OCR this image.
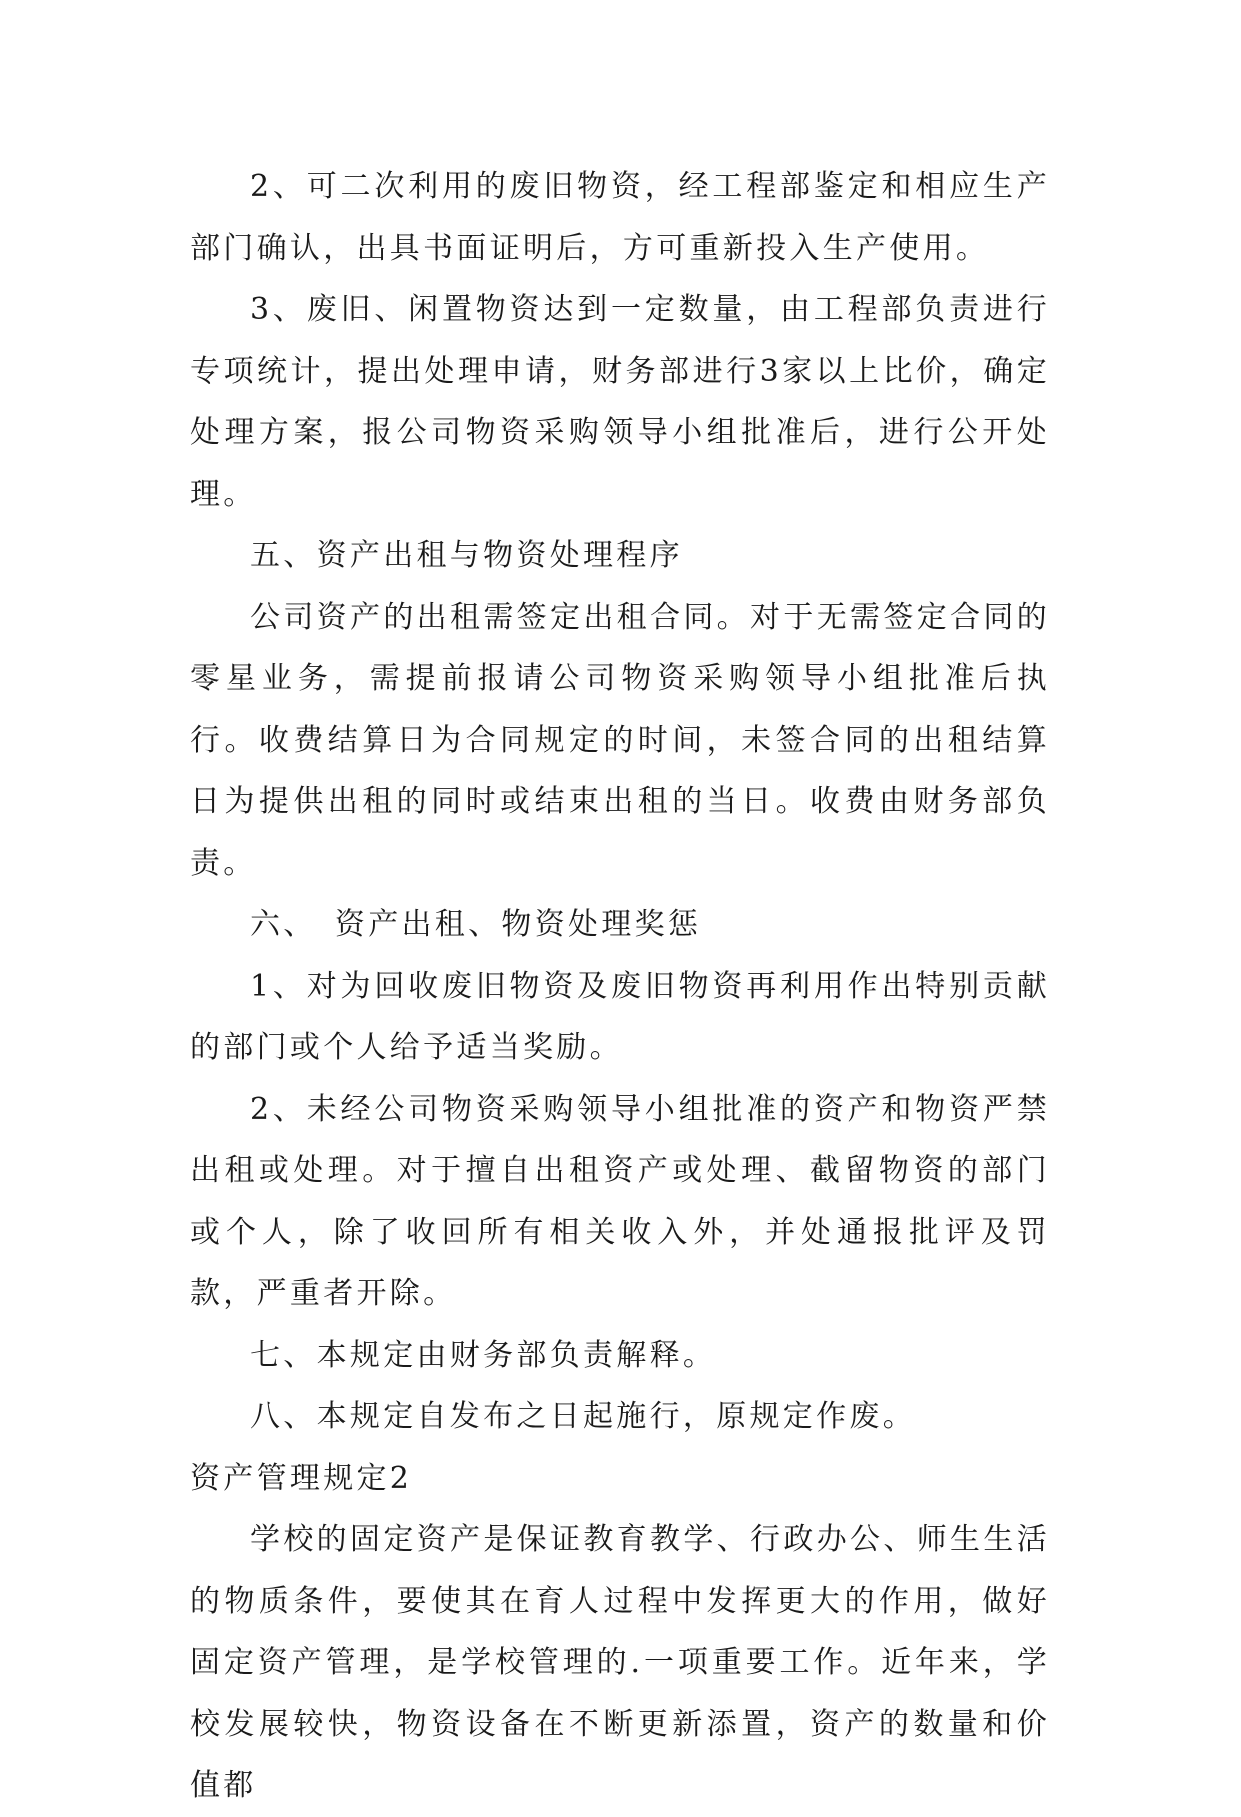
2、可二次利用的废旧物资，经工程部鉴定和相应生产部门确认，出具书面证明后，方可重新投入生产使用。

3、废旧、闲置物资达到一定数量，由工程部负责进行专项统计，提出处理申请，财务部进行3家以上比价，确定处理方案，报公司物资采购领导小组批准后，进行公开处理。

五、资产出租与物资处理程序

公司资产的出租需签定出租合同。对于无需签定合同的零星业务，需提前报请公司物资采购领导小组批准后执行。收费结算日为合同规定的时间，未签合同的出租结算日为提供出租的同时或结束出租的当日。收费由财务部负责。

六、　资产出租、物资处理奖惩

1、对为回收废旧物资及废旧物资再利用作出特别贡献的部门或个人给予适当奖励。

2、未经公司物资采购领导小组批准的资产和物资严禁出租或处理。对于擅自出租资产或处理、截留物资的部门或个人，除了收回所有相关收入外，并处通报批评及罚款，严重者开除。

七、本规定由财务部负责解释。

八、本规定自发布之日起施行，原规定作废。

资产管理规定2

学校的固定资产是保证教育教学、行政办公、师生生活的物质条件，要使其在育人过程中发挥更大的作用，做好固定资产管理，是学校管理的.一项重要工作。近年来，学校发展较快，物资设备在不断更新添置，资产的数量和价值都
